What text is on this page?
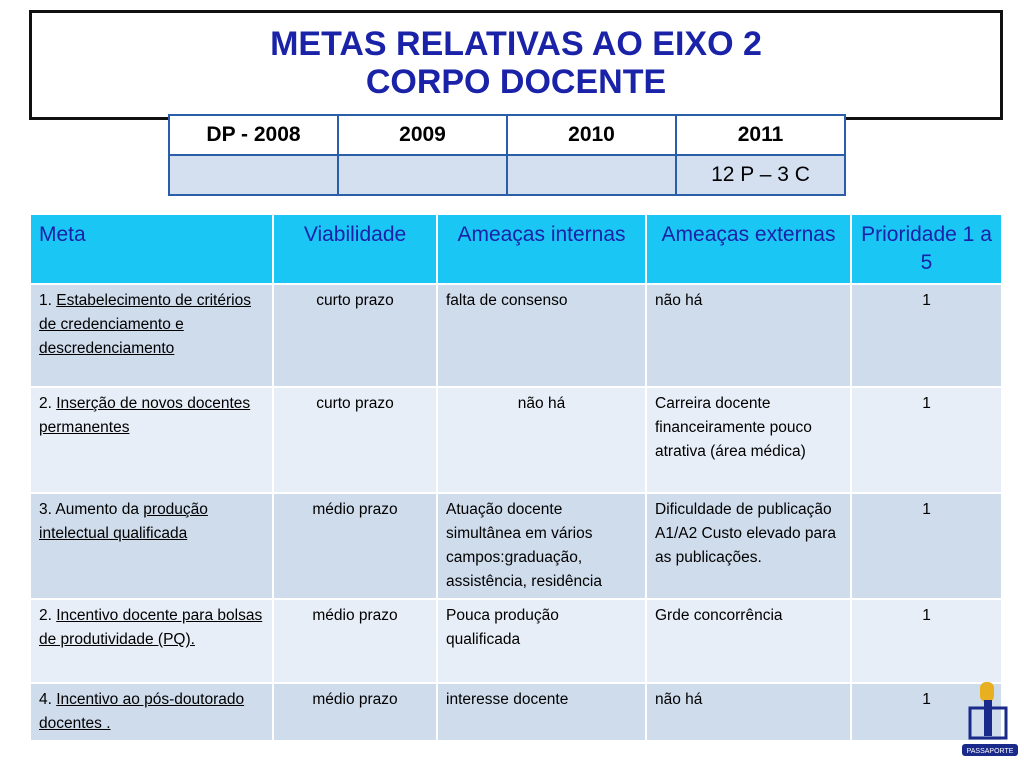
METAS RELATIVAS AO EIXO 2
CORPO DOCENTE
DP - 2008	2009	2010	2011
			12 P – 3 C
Meta	Viabilidade	Ameaças internas	Ameaças externas	Prioridade 1 a 5
1. Estabelecimento de critérios de credenciamento e descredenciamento	curto prazo	falta de consenso	não há	1
2. Inserção de novos docentes permanentes	curto prazo	não há	Carreira docente financeiramente pouco atrativa (área médica)	1
3. Aumento da produção intelectual qualificada	médio prazo	Atuação docente simultânea em vários campos:graduação, assistência, residência	Dificuldade de publicação A1/A2 Custo elevado para as publicações.	1
2. Incentivo docente para bolsas de produtividade (PQ).	médio prazo	Pouca produção qualificada	Grde concorrência	1
4. Incentivo ao pós-doutorado docentes .	médio prazo	interesse docente	não há	1
PASSAPORTE
